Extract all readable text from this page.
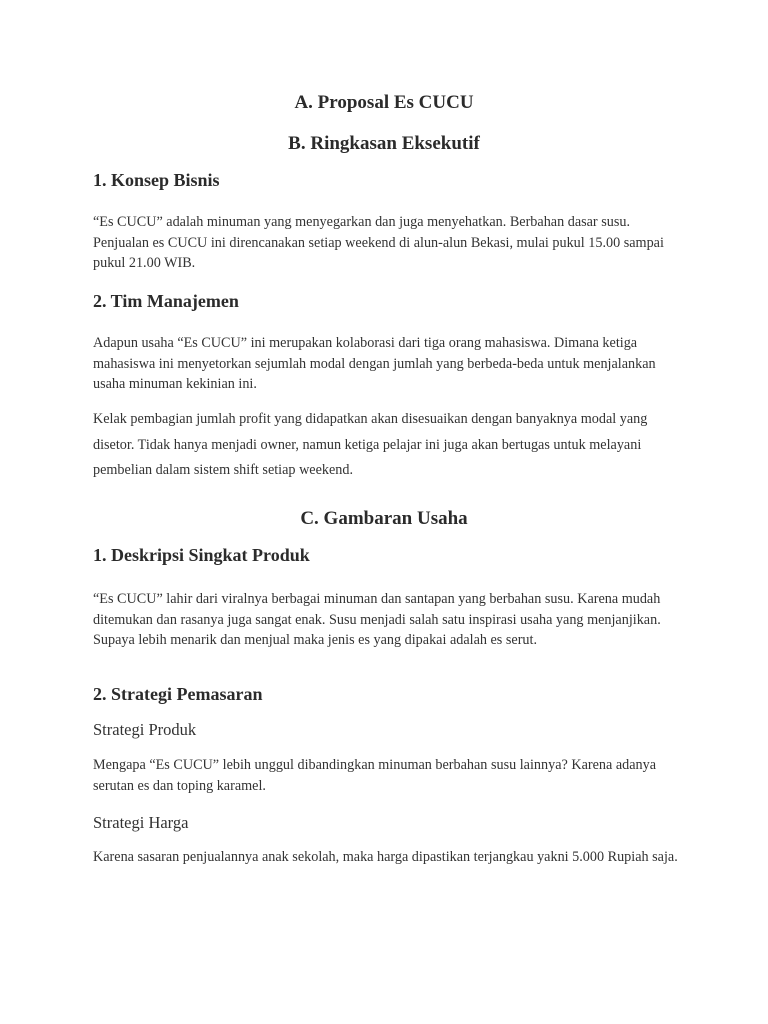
A. Proposal Es CUCU
B. Ringkasan Eksekutif
1. Konsep Bisnis

“Es CUCU” adalah minuman yang menyegarkan dan juga menyehatkan. Berbahan dasar susu. Penjualan es CUCU ini direncanakan setiap weekend di alun-alun Bekasi, mulai pukul 15.00 sampai pukul 21.00 WIB.

2. Tim Manajemen

Adapun usaha “Es CUCU” ini merupakan kolaborasi dari tiga orang mahasiswa. Dimana ketiga mahasiswa ini menyetorkan sejumlah modal dengan jumlah yang berbeda-beda untuk menjalankan usaha minuman kekinian ini.

Kelak pembagian jumlah profit yang didapatkan akan disesuaikan dengan banyaknya modal yang disetor. Tidak hanya menjadi owner, namun ketiga pelajar ini juga akan bertugas untuk melayani pembelian dalam sistem shift setiap weekend.

C. Gambaran Usaha
1. Deskripsi Singkat Produk

“Es CUCU” lahir dari viralnya berbagai minuman dan santapan yang berbahan susu. Karena mudah ditemukan dan rasanya juga sangat enak. Susu menjadi salah satu inspirasi usaha yang menjanjikan. Supaya lebih menarik dan menjual maka jenis es yang dipakai adalah es serut.

2. Strategi Pemasaran
Strategi Produk

Mengapa “Es CUCU” lebih unggul dibandingkan minuman berbahan susu lainnya? Karena adanya serutan es dan toping karamel.

Strategi Harga

Karena sasaran penjualannya anak sekolah, maka harga dipastikan terjangkau yakni 5.000 Rupiah saja.
